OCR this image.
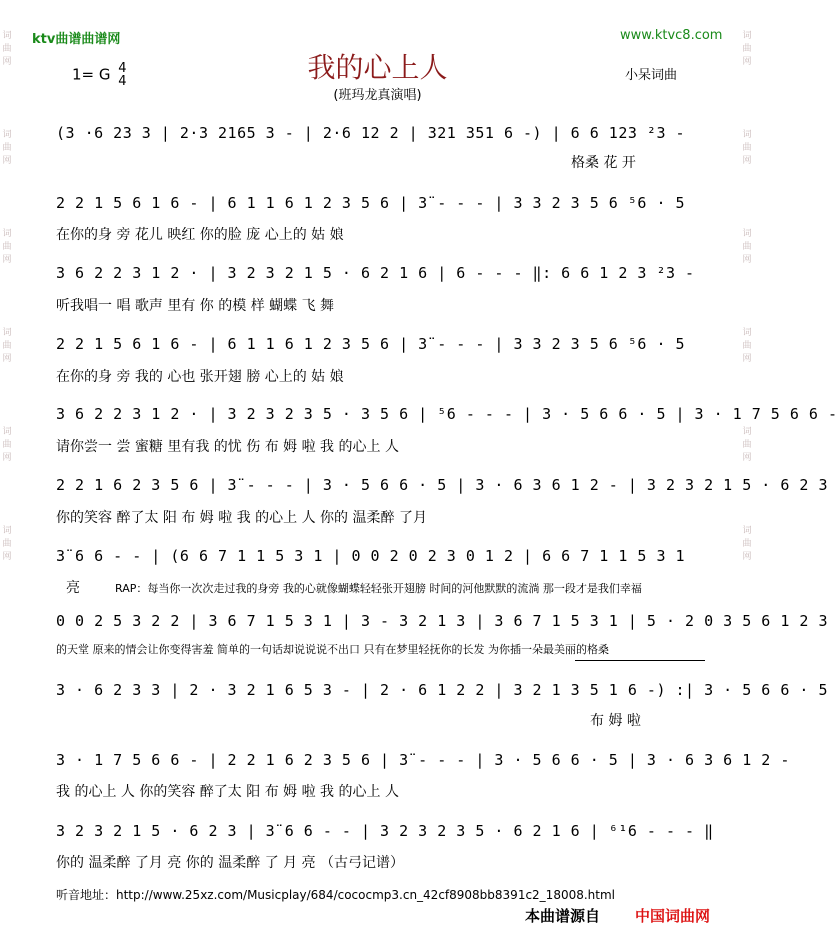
ktv曲谱曲谱网	www.ktvc8.com
1= G 4
4	我的心上人
(班玛龙真演唱)
小呆词曲
词曲网
词曲网
词曲网
词曲网
词曲网
词曲网
词曲网
词曲网
词曲网
词曲网
词曲网
词曲网
(3 ·6 23 3 | 2·3 2165 3 - | 2·6 12 2 | 321 351 6 -) | 6 6 123 ²3 -
格桑 花 开
2 2 1 5 6 1 6 - | 6 1 1 6 1 2 3 5 6 | 3̈ - - - | 3 3 2 3 5 6 ⁵6 · 5
在你的身 旁 花儿 映红 你的脸 庞 心上的 姑 娘
3 6 2 2 3 1 2 · | 3 2 3 2 1 5 · 6 2 1 6 | 6 - - - ‖: 6 6 1 2 3 ²3 -
听我唱一 唱 歌声 里有 你 的模 样 蝴蝶 飞 舞
2 2 1 5 6 1 6 - | 6 1 1 6 1 2 3 5 6 | 3̈ - - - | 3 3 2 3 5 6 ⁵6 · 5
在你的身 旁 我的 心也 张开翅 膀 心上的 姑 娘
3 6 2 2 3 1 2 · | 3 2 3 2 3 5 · 3 5 6 | ⁵6 - - - | 3 · 5 6 6 · 5 | 3 · 1 7 5 6 6 -
请你尝一 尝 蜜糖 里有我 的忧 伤 布 姆 啦 我 的心上 人
2 2 1 6 2 3 5 6 | 3̈ - - - | 3 · 5 6 6 · 5 | 3 · 6 3 6 1 2 - | 3 2 3 2 1 5 · 6 2 3
你的笑容 醉了太 阳 布 姆 啦 我 的心上 人 你的 温柔醉 了月
3̈ 6 6 - - | (6 6 7 1 1 5 3 1 | 0 0 2 0 2 3 0 1 2 | 6 6 7 1 1 5 3 1
亮	RAP：每当你一次次走过我的身旁 我的心就像蝴蝶轻轻张开翅膀 时间的河他默默的流淌 那一段才是我们幸福
0 0 2 5 3 2 2 | 3 6 7 1 5 3 1 | 3 - 3 2 1 3 | 3 6 7 1 5 3 1 | 5 · 2 0 3 5 6 1 2 3
的天堂 原来的情会让你变得害羞 简单的一句话却说说说不出口 只有在梦里轻抚你的长发 为你插一朵最美丽的格桑
3 · 6 2 3 3 | 2 · 3 2 1 6 5 3 - | 2 · 6 1 2 2 | 3 2 1 3 5 1 6 -) :| 3 · 5 6 6 · 5
布 姆 啦
3 · 1 7 5 6 6 - | 2 2 1 6 2 3 5 6 | 3̈ - - - | 3 · 5 6 6 · 5 | 3 · 6 3 6 1 2 -
我 的心上 人 你的笑容 醉了太 阳 布 姆 啦 我 的心上 人
3 2 3 2 1 5 · 6 2 3 | 3̈ 6 6 - - | 3 2 3 2 3 5 · 6 2 1 6 | ⁶¹6 - - - ‖
你的 温柔醉 了月 亮 你的 温柔醉 了 月 亮 （古弓记谱）
听音地址：http://www.25xz.com/Musicplay/684/cococmp3.cn_42cf8908bb8391c2_18008.html
本曲谱源自 中国词曲网
